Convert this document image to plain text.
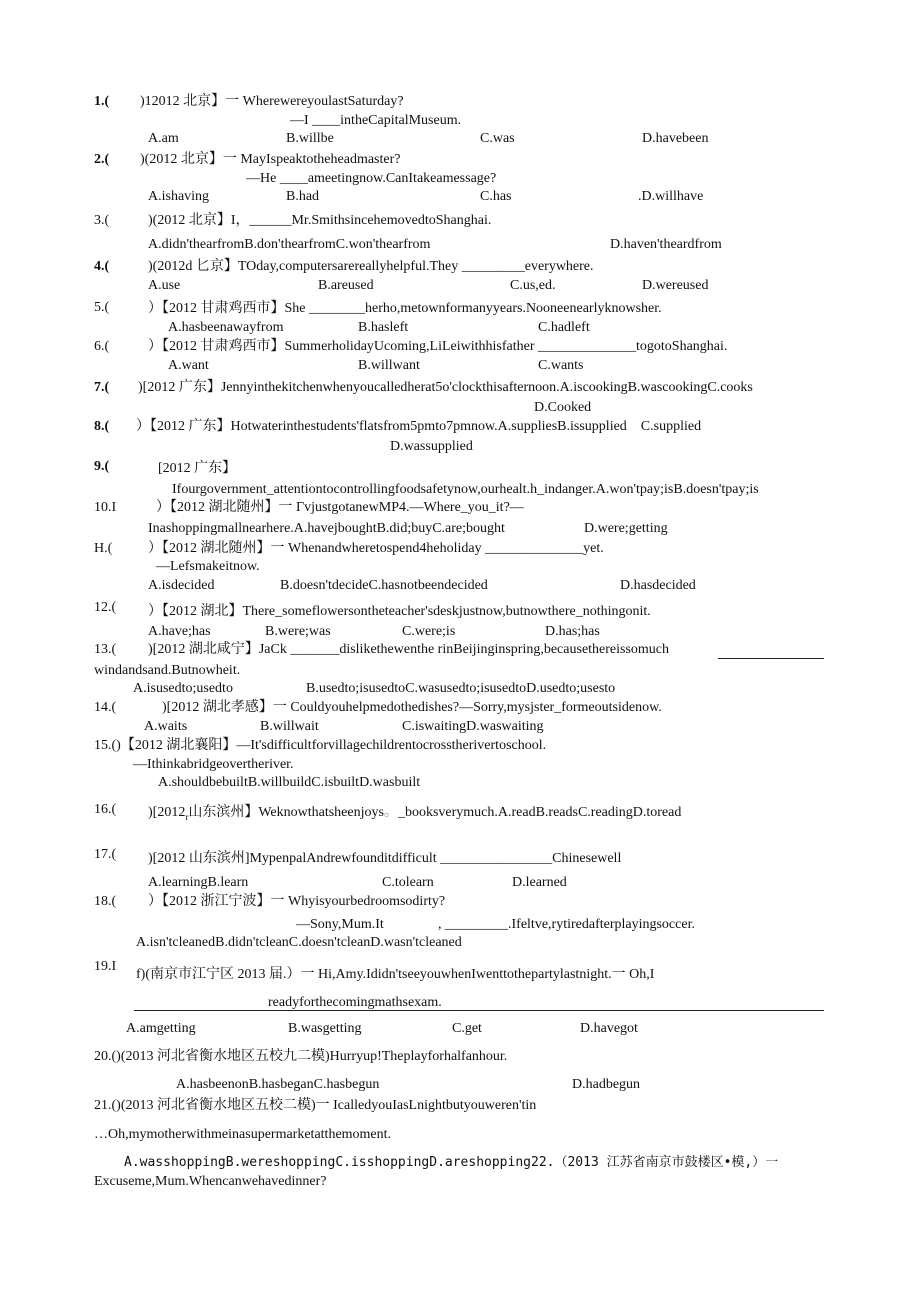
1.( )12012 北京】一 WherewereyoulastSaturday?
—I ____intheCapitalMuseum.
A.am	B.willbe	C.was	D.havebeen
2.( )(2012 北京】一 MayIspeaktotheheadmaster?
—He ____ameetingnow.CanItakeamessage?
A.ishaving	B.had	C.has	.D.willhave
3.(	)(2012 北京】I，______Mr.SmithsincehemovedtoShanghai.
A.didn'thearfromB.don'thearfromC.won'thearfrom	D.haven'theardfrom
4.(	)(2012d 匕京】TOday,computersarereallyhelpful.They _________everywhere.
A.use	B.areused	C.us,ed.	D.wereused
5.(	）【2012 甘肃鸡西市】She ________herho,metownformanyyears.Nooneenearlyknowsher.
A.hasbeenawayfrom	B.hasleft	C.hadleft
6.(	）【2012 甘肃鸡西市】SummerholidayUcoming,LiLeiwithhisfather ______________togotoShanghai.
A.want	B.willwant	C.wants
7.( )[2012 广东】Jennyinthekitchenwhenyoucalledherat5o'clockthisafternoon.A.iscookingB.wascookingC.cooks
D.Cooked
8.( ）【2012 广东】Hotwaterinthestudents'flatsfrom5pmto7pmnow.A.suppliesB.issupplied    C.supplied
D.wassupplied
9.(	[2012 广东】
Ifourgovernment_attentiontocontrollingfoodsafetynow,ourhealt.h_indanger.A.won'tpay;isB.doesn'tpay;is
10.I	）【2012 湖北随州】一 ΓvjustgotanewMP4.—Where_you_it?—
Inashoppingmallnearhere.A.havejboughtB.did;buyC.are;bought	D.were;getting
H.(	）【2012 湖北随州】一 Whenandwheretospend4heholiday ______________yet.
—Lefsmakeitnow.
A.isdecided	B.doesn'tdecideC.hasnotbeendecided	D.hasdecided
12.( ）【2012 湖北】There_someflowersontheteacher'sdeskjustnow,butnowthere_nothingonit.
A.have;has	B.were;was	C.were;is	D.has;has
13.( )[2012 湖北咸宁】JaCk _______dislikethewenthe rinBeijinginspring,becausethereissomuch
windandsand.Butnowheit.
A.isusedto;usedto	B.usedto;isusedtoC.wasusedto;isusedtoD.usedto;usesto
14.(	)[2012 湖北孝感】一 Couldyouhelpmedothedishes?—Sorry,mysjster_formeoutsidenow.
A.waits	B.willwait	C.iswaitingD.waswaiting
15.()【2012 湖北襄阳】—It'sdifficultforvillagechildrentocrosstherivertoschool.
—Ithinkabridgeovertheriver.
A.shouldbebuiltB.willbuildC.isbuiltD.wasbuilt
16.( )[$2012_r$山东滨州】Weknowthatsheenjoys。_booksverymuch.A.readB.readsC.readingD.toread
17.( )[2012 山东滨州]MypenpalAndrewfounditdifficult ________________Chinesewell
A.learningB.learn	C.tolearn	D.learned
18.( ）【2012 浙江宁波】一 Whyisyourbedroomsodirty?
—Sony,Mum.It	, _________.Ifeltve,rytiredafterplayingsoccer.
A.isn'tcleanedB.didn'tcleanC.doesn'tcleanD.wasn'tcleaned
19.I
f)(南京市江宁区 2013 届.）一 Hi,Amy.Ididn'tseeyouwhenIwenttothepartylastnight.一 Oh,I
readyforthecomingmathsexam.
A.amgetting	B.wasgetting	C.get	D.havegot
20.()(2013 河北省衡水地区五校九二模)Hurryup!Theplayforhalfanhour.
A.hasbeenonB.hasbeganC.hasbegun	D.hadbegun
21.()(2013 河北省衡水地区五校二模)一 IcalledyouIasLnightbutyouweren'tin
…Oh,mymotherwithmeinasupermarketatthemoment.
A.wasshoppingB.wereshoppingC.isshoppingD.areshopping22.（2013 江苏省南京市鼓楼区•模,）一
Excuseme,Mum.Whencanwehavedinner?
